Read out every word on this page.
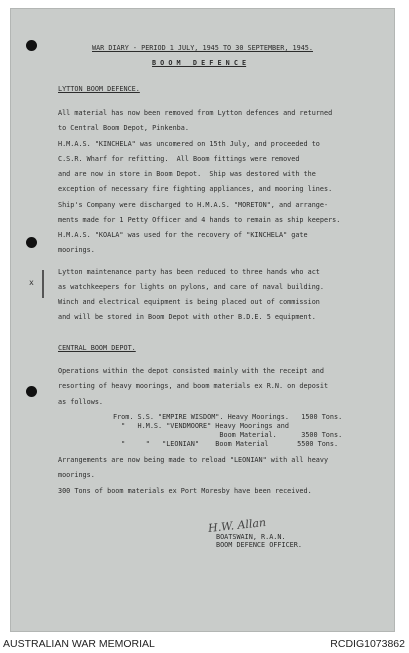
WAR DIARY - PERIOD 1 JULY, 1945 TO 30 SEPTEMBER, 1945.
B O O M   D E F E N C E
LYTTON BOOM DEFENCE.
All material has now been removed from Lytton defences and returned
to Central Boom Depot, Pinkenba.
H.M.A.S. "KINCHELA" was uncomered on 15th July, and proceeded to
C.S.R. Wharf for refitting.  All Boom fittings were removed
and are now in store in Boom Depot.  Ship was destored with the
exception of necessary fire fighting appliances, and mooring lines.
Ship's Company were discharged to H.M.A.S. "MORETON", and arrange-
ments made for 1 Petty Officer and 4 hands to remain as ship keepers.
H.M.A.S. "KOALA" was used for the recovery of "KINCHELA" gate
moorings.
Lytton maintenance party has been reduced to three hands who act
as watchkeepers for lights on pylons, and care of naval building.
Winch and electrical equipment is being placed out of commission
and will be stored in Boom Depot with other B.D.E. 5 equipment.
x
CENTRAL BOOM DEPOT.
Operations within the depot consisted mainly with the receipt and
resorting of heavy moorings, and boom materials ex R.N. on deposit
as follows.
From. S.S. "EMPIRE WISDOM". Heavy Moorings.   1500 Tons.
"   H.M.S. "VENDMOORE" Heavy Moorings and
Boom Material.      3500 Tons.
"     "   "LEONIAN"    Boom Material       5500 Tons.
Arrangements are now being made to reload "LEONIAN" with all heavy
moorings.
300 Tons of boom materials ex Port Moresby have been received.
H.W. Allan
BOATSWAIN, R.A.N.
BOOM DEFENCE OFFICER.
AUSTRALIAN WAR MEMORIAL	RCDIG1073862
